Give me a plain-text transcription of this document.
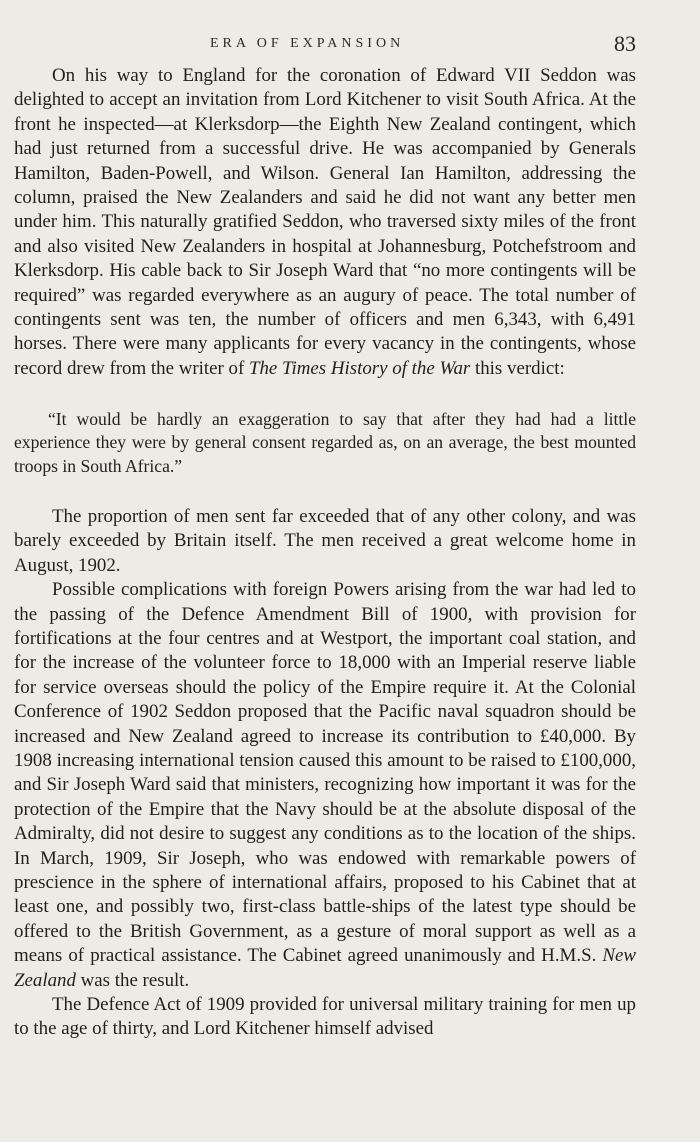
ERA OF EXPANSION	83

On his way to England for the coronation of Edward VII Seddon was delighted to accept an invitation from Lord Kitchener to visit South Africa. At the front he inspected—at Klerksdorp—the Eighth New Zealand contingent, which had just returned from a successful drive. He was accompanied by Generals Hamilton, Baden-Powell, and Wilson. General Ian Hamilton, addressing the column, praised the New Zealanders and said he did not want any better men under him. This naturally gratified Seddon, who traversed sixty miles of the front and also visited New Zealanders in hospital at Johannesburg, Potchefstroom and Klerksdorp. His cable back to Sir Joseph Ward that “no more contingents will be required” was regarded everywhere as an augury of peace. The total number of contingents sent was ten, the number of officers and men 6,343, with 6,491 horses. There were many applicants for every vacancy in the contingents, whose record drew from the writer of The Times History of the War this verdict:

“It would be hardly an exaggeration to say that after they had had a little experience they were by general consent regarded as, on an average, the best mounted troops in South Africa.”

The proportion of men sent far exceeded that of any other colony, and was barely exceeded by Britain itself. The men received a great welcome home in August, 1902.

Possible complications with foreign Powers arising from the war had led to the passing of the Defence Amendment Bill of 1900, with provision for fortifications at the four centres and at Westport, the important coal station, and for the increase of the volunteer force to 18,000 with an Imperial reserve liable for service overseas should the policy of the Empire require it. At the Colonial Conference of 1902 Seddon proposed that the Pacific naval squadron should be increased and New Zealand agreed to increase its contribution to £40,000. By 1908 increasing international tension caused this amount to be raised to £100,000, and Sir Joseph Ward said that ministers, recognizing how important it was for the protection of the Empire that the Navy should be at the absolute disposal of the Admiralty, did not desire to suggest any conditions as to the location of the ships. In March, 1909, Sir Joseph, who was endowed with remarkable powers of prescience in the sphere of international affairs, proposed to his Cabinet that at least one, and possibly two, first-class battle-ships of the latest type should be offered to the British Government, as a gesture of moral support as well as a means of practical assistance. The Cabinet agreed unanimously and H.M.S. New Zealand was the result.

The Defence Act of 1909 provided for universal military training for men up to the age of thirty, and Lord Kitchener himself advised
